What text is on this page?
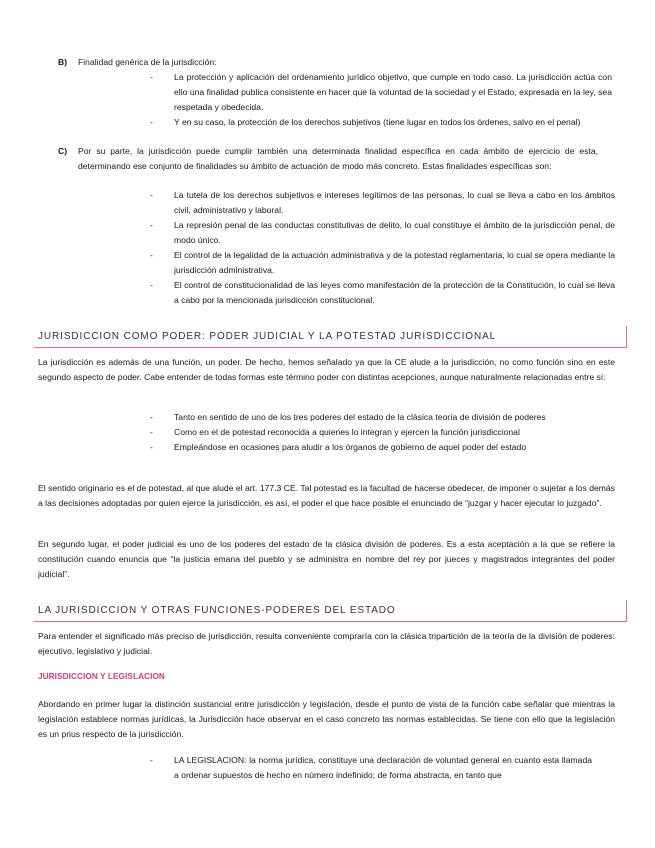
B) Finalidad genérica de la jurisdicción:
- La protección y aplicación del ordenamiento jurídico objetivo, que cumple en todo caso. La jurisdicción actúa con ello una finalidad publica consistente en hacer que la voluntad de la sociedad y el Estado, expresada en la ley, sea respetada y obedecida.
- Y en su caso, la protección de los derechos subjetivos (tiene lugar en todos los órdenes, salvo en el penal)
C) Por su parte, la jurisdicción puede cumplir también una determinada finalidad específica en cada ámbito de ejercicio de esta, determinando ese conjunto de finalidades su ámbito de actuación de modo más concreto. Estas finalidades específicas son:
- La tutela de los derechos subjetivos e intereses legítimos de las personas, lo cual se lleva a cabo en los ámbitos civil, administrativo y laboral.
- La represión penal de las conductas constitutivas de delito, lo cual constituye el ámbito de la jurisdicción penal, de modo único.
- El control de la legalidad de la actuación administrativa y de la potestad reglamentaria, lo cual se opera mediante la jurisdicción administrativa.
- El control de constitucionalidad de las leyes como manifestación de la protección de la Constitución, lo cual se lleva a cabo por la mencionada jurisdicción constitucional.
JURISDICCION COMO PODER: PODER JUDICIAL Y LA POTESTAD JURISDICCIONAL
La jurisdicción es además de una función, un poder. De hecho, hemos señalado ya que la CE alude a la jurisdicción, no como función sino en este segundo aspecto de poder. Cabe entender de todas formas este término poder con distintas acepciones, aunque naturalmente relacionadas entre sí:
- Tanto en sentido de uno de los tres poderes del estado de la clásica teoría de división de poderes
- Como en el de potestad reconocida a quienes lo integran y ejercen la función jurisdiccional
- Empleándose en ocasiones para aludir a los órganos de gobierno de aquel poder del estado
El sentido originario es el de potestad, al que alude el art. 177.3 CE. Tal potestad es la facultad de hacerse obedecer, de imponer o sujetar a los demás a las decisiones adoptadas por quien ejerce la jurisdicción, es así, el poder el que hace posible el enunciado de “juzgar y hacer ejecutar lo juzgado”.
En segundo lugar, el poder judicial es uno de los poderes del estado de la clásica división de poderes. Es a esta aceptación a la que se refiere la constitución cuando enuncia que “la justicia emana del pueblo y se administra en nombre del rey por jueces y magistrados integrantes del poder judicial”.
LA JURISDICCION Y OTRAS FUNCIONES-PODERES DEL ESTADO
Para entender el significado más preciso de jurisdicción, resulta conveniente compraría con la clásica tripartición de la teoría de la división de poderes: ejecutivo, legislativo y judicial.
JURISDICCION Y LEGISLACION
Abordando en primer lugar la distinción sustancial entre jurisdicción y legislación, desde el punto de vista de la función cabe señalar que mientras la legislación establece normas jurídicas, la Jurisdicción hace observar en el caso concreto las normas establecidas. Se tiene con ello que la legislación es un prius respecto de la jurisdicción.
- LA LEGISLACION: la norma jurídica, constituye una declaración de voluntad general en cuanto esta llamada a ordenar supuestos de hecho en número indefinido; de forma abstracta, en tanto que
